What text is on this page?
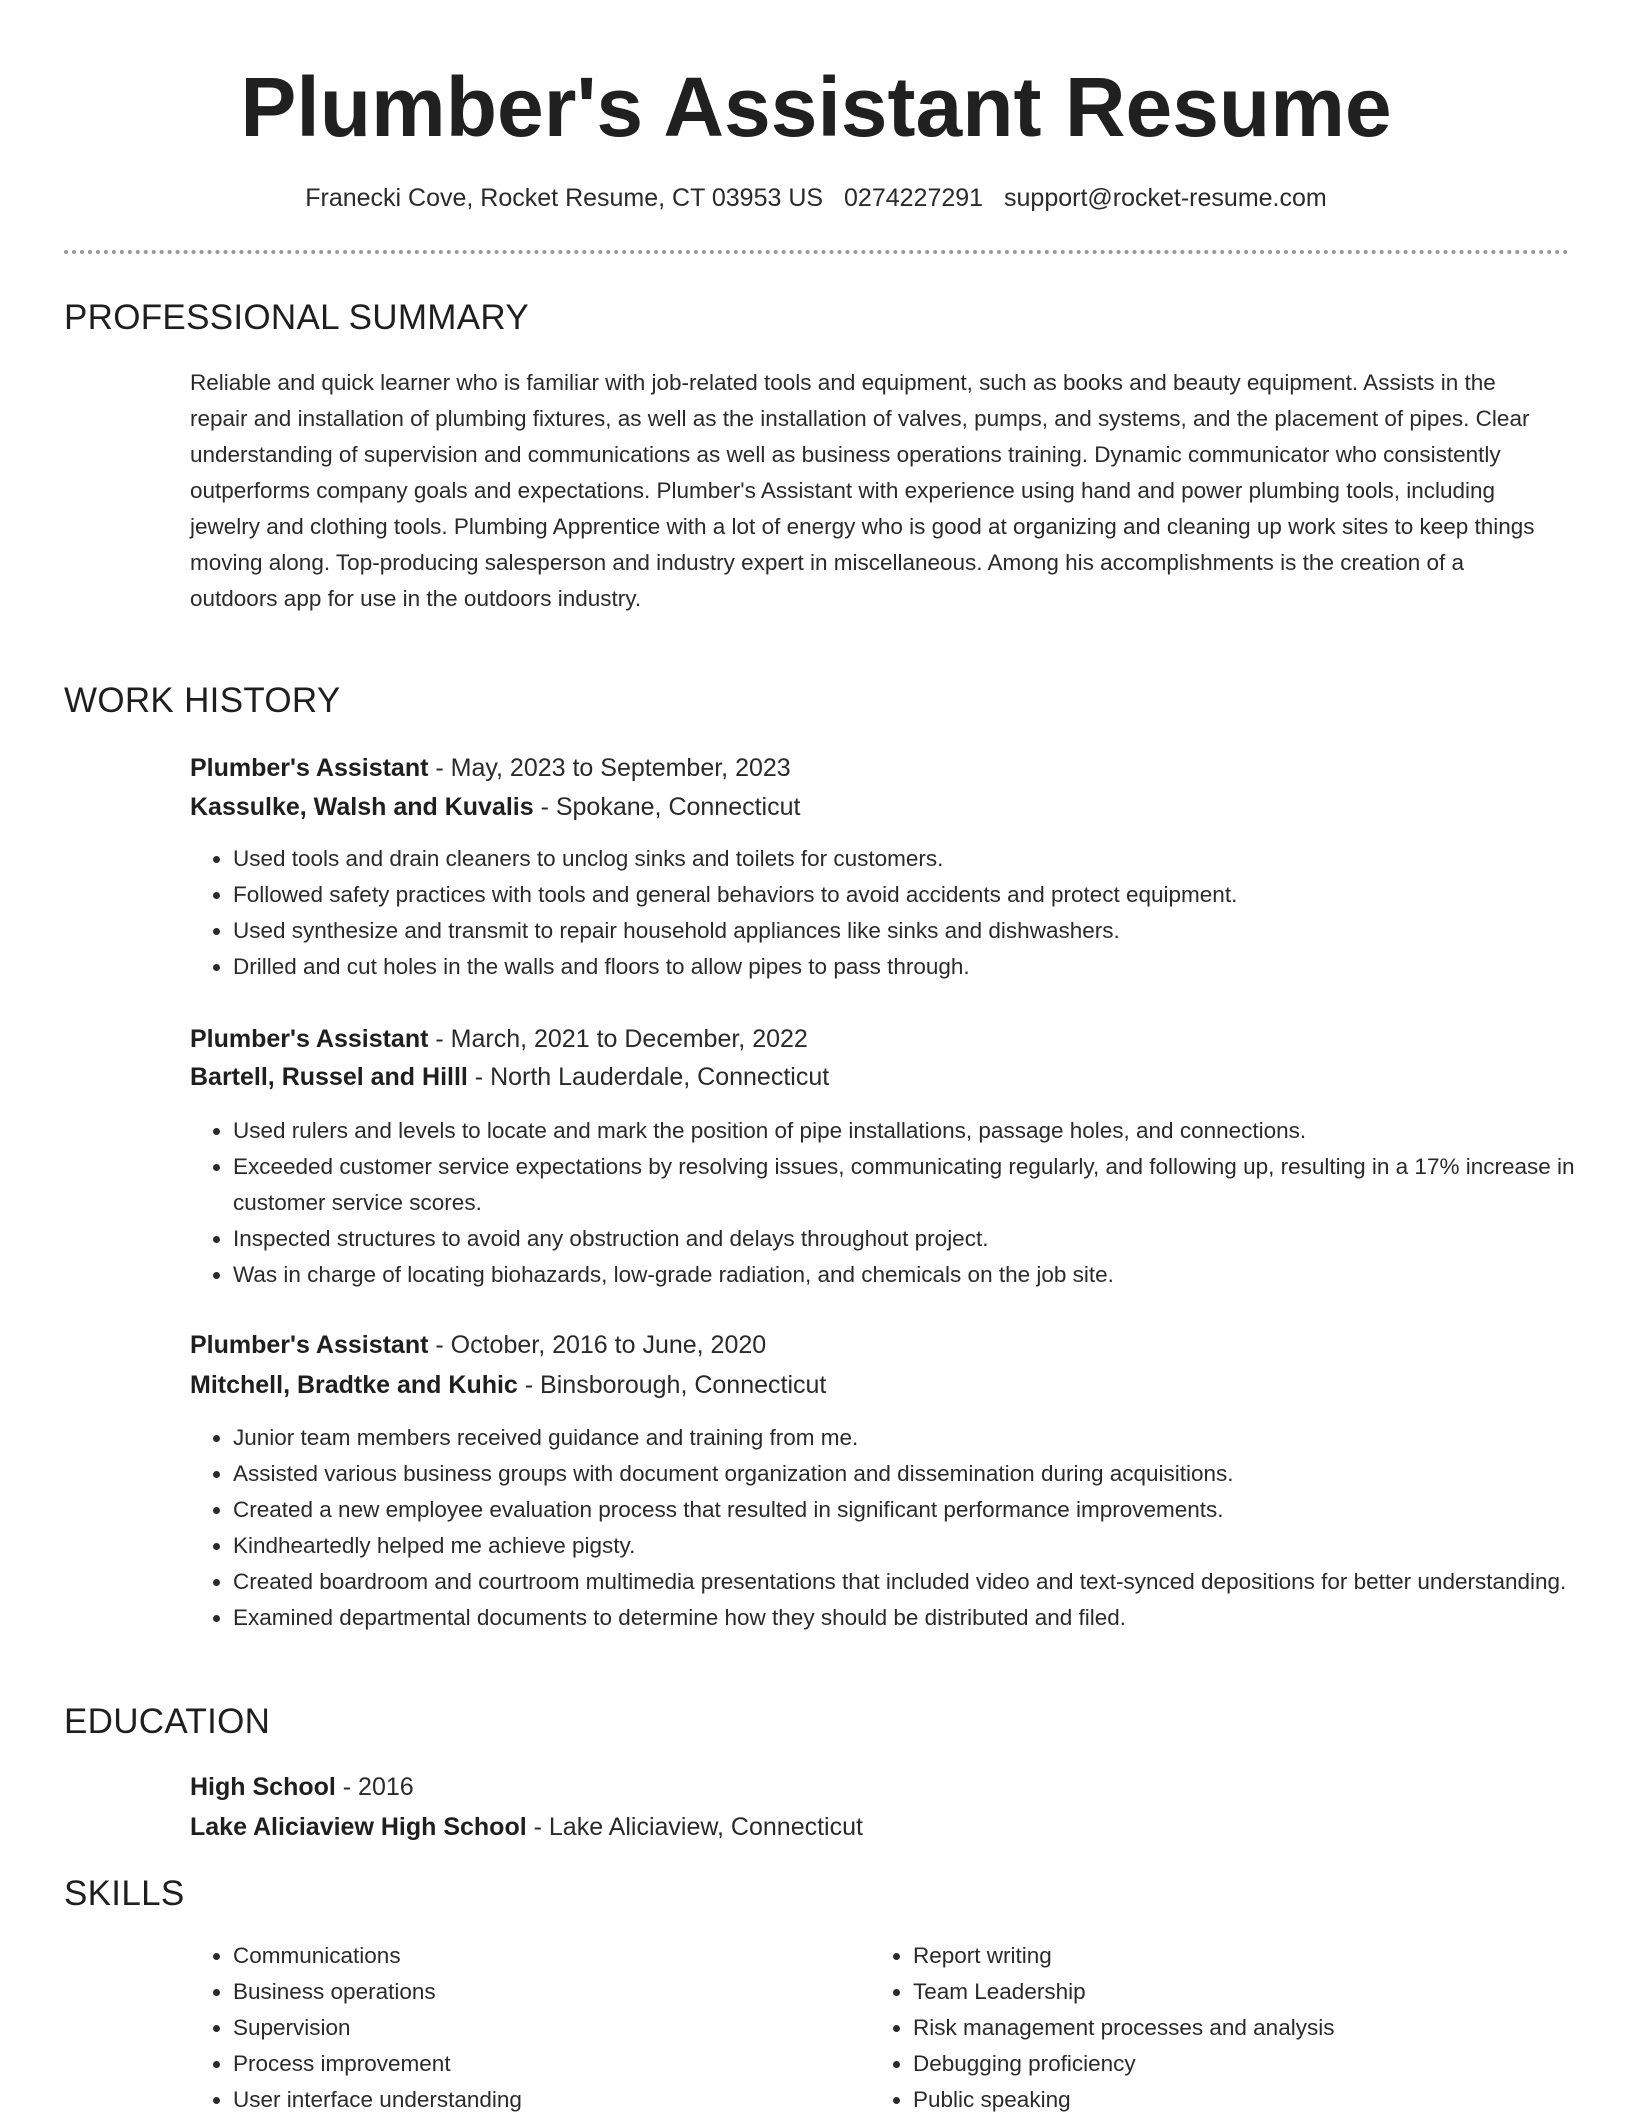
Plumber's Assistant Resume
Franecki Cove, Rocket Resume, CT 03953 US 0274227291 support@rocket-resume.com
PROFESSIONAL SUMMARY

Reliable and quick learner who is familiar with job-related tools and equipment, such as books and beauty equipment. Assists in the repair and installation of plumbing fixtures, as well as the installation of valves, pumps, and systems, and the placement of pipes. Clear understanding of supervision and communications as well as business operations training. Dynamic communicator who consistently outperforms company goals and expectations. Plumber's Assistant with experience using hand and power plumbing tools, including jewelry and clothing tools. Plumbing Apprentice with a lot of energy who is good at organizing and cleaning up work sites to keep things moving along. Top-producing salesperson and industry expert in miscellaneous. Among his accomplishments is the creation of a outdoors app for use in the outdoors industry.

WORK HISTORY

Plumber's Assistant - May, 2023 to September, 2023

Kassulke, Walsh and Kuvalis - Spokane, Connecticut

• Used tools and drain cleaners to unclog sinks and toilets for customers.
• Followed safety practices with tools and general behaviors to avoid accidents and protect equipment.
• Used synthesize and transmit to repair household appliances like sinks and dishwashers.
• Drilled and cut holes in the walls and floors to allow pipes to pass through.

Plumber's Assistant - March, 2021 to December, 2022

Bartell, Russel and Hilll - North Lauderdale, Connecticut

• Used rulers and levels to locate and mark the position of pipe installations, passage holes, and connections.
• Exceeded customer service expectations by resolving issues, communicating regularly, and following up, resulting in a 17% increase in customer service scores.
• Inspected structures to avoid any obstruction and delays throughout project.
• Was in charge of locating biohazards, low-grade radiation, and chemicals on the job site.

Plumber's Assistant - October, 2016 to June, 2020

Mitchell, Bradtke and Kuhic - Binsborough, Connecticut

• Junior team members received guidance and training from me.
• Assisted various business groups with document organization and dissemination during acquisitions.
• Created a new employee evaluation process that resulted in significant performance improvements.
• Kindheartedly helped me achieve pigsty.
• Created boardroom and courtroom multimedia presentations that included video and text-synced depositions for better understanding.
• Examined departmental documents to determine how they should be distributed and filed.
EDUCATION

High School - 2016

Lake Aliciaview High School - Lake Aliciaview, Connecticut

SKILLS
• Communications
• Business operations
• Supervision
• Process improvement
• User interface understanding
• Report writing
• Team Leadership
• Risk management processes and analysis
• Debugging proficiency
• Public speaking
